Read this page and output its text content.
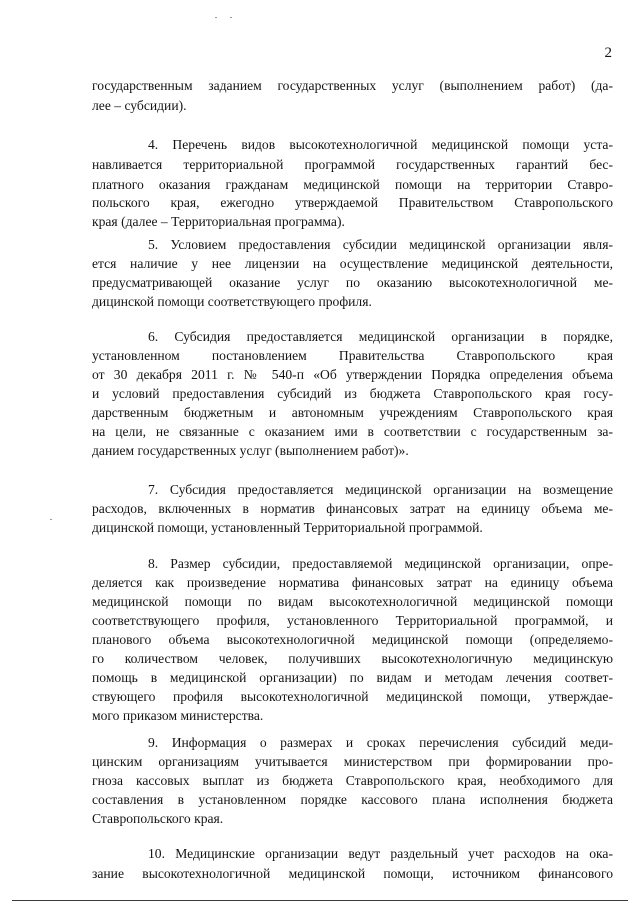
2
государственным заданием государственных услуг (выполнением работ) (да-
лее – субсидии).
4. Перечень видов высокотехнологичной медицинской помощи уста-
навливается территориальной программой государственных гарантий бес-
платного оказания гражданам медицинской помощи на территории Ставро-
польского края, ежегодно утверждаемой Правительством Ставропольского
края (далее – Территориальная программа).
5. Условием предоставления субсидии медицинской организации явля-
ется наличие у нее лицензии на осуществление медицинской деятельности,
предусматривающей оказание услуг по оказанию высокотехнологичной ме-
дицинской помощи соответствующего профиля.
6. Субсидия предоставляется медицинской организации в порядке,
установленном постановлением Правительства Ставропольского края
от 30 декабря 2011 г. № 540-п «Об утверждении Порядка определения объема
и условий предоставления субсидий из бюджета Ставропольского края госу-
дарственным бюджетным и автономным учреждениям Ставропольского края
на цели, не связанные с оказанием ими в соответствии с государственным за-
данием государственных услуг (выполнением работ)».
7. Субсидия предоставляется медицинской организации на возмещение
расходов, включенных в норматив финансовых затрат на единицу объема ме-
дицинской помощи, установленный Территориальной программой.
8. Размер субсидии, предоставляемой медицинской организации, опре-
деляется как произведение норматива финансовых затрат на единицу объема
медицинской помощи по видам высокотехнологичной медицинской помощи
соответствующего профиля, установленного Территориальной программой, и
планового объема высокотехнологичной медицинской помощи (определяемо-
го количеством человек, получивших высокотехнологичную медицинскую
помощь в медицинской организации) по видам и методам лечения соответ-
ствующего профиля высокотехнологичной медицинской помощи, утверждае-
мого приказом министерства.
9. Информация о размерах и сроках перечисления субсидий меди-
цинским организациям учитывается министерством при формировании про-
гноза кассовых выплат из бюджета Ставропольского края, необходимого для
составления в установленном порядке кассового плана исполнения бюджета
Ставропольского края.
10. Медицинские организации ведут раздельный учет расходов на ока-
зание высокотехнологичной медицинской помощи, источником финансового
